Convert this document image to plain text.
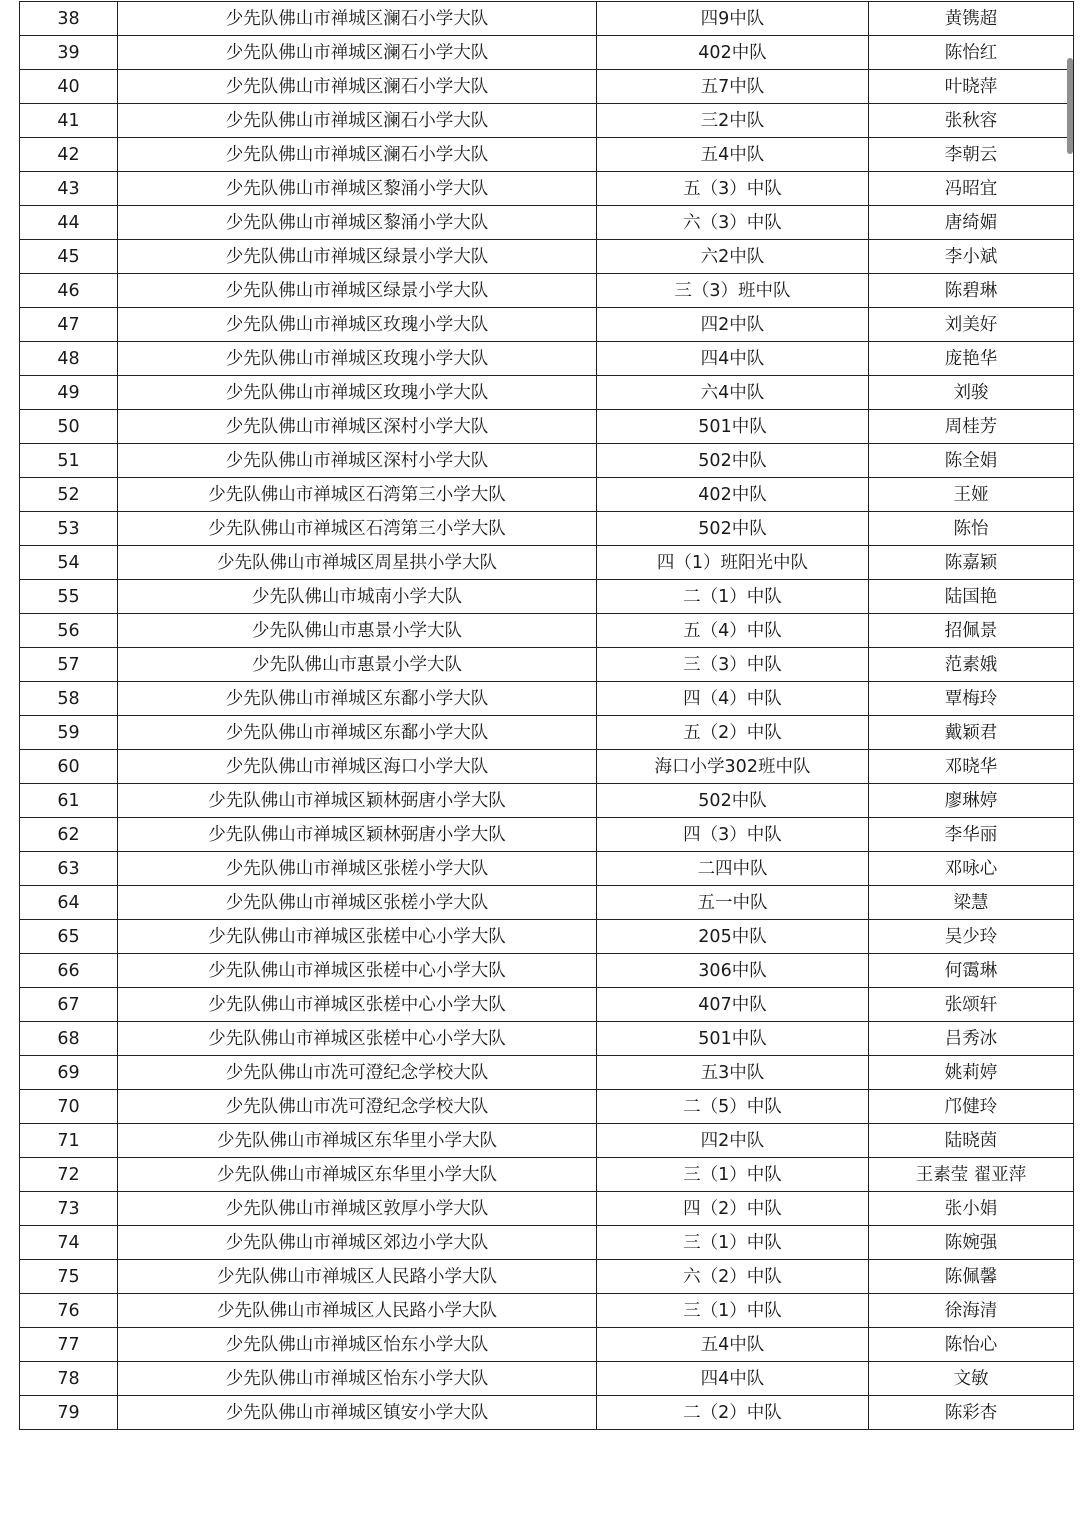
38	少先队佛山市禅城区澜石小学大队	四9中队	黄镌超
39	少先队佛山市禅城区澜石小学大队	402中队	陈怡红
40	少先队佛山市禅城区澜石小学大队	五7中队	叶晓萍
41	少先队佛山市禅城区澜石小学大队	三2中队	张秋容
42	少先队佛山市禅城区澜石小学大队	五4中队	李朝云
43	少先队佛山市禅城区黎涌小学大队	五（3）中队	冯昭宜
44	少先队佛山市禅城区黎涌小学大队	六（3）中队	唐绮媚
45	少先队佛山市禅城区绿景小学大队	六2中队	李小斌
46	少先队佛山市禅城区绿景小学大队	三（3）班中队	陈碧琳
47	少先队佛山市禅城区玫瑰小学大队	四2中队	刘美好
48	少先队佛山市禅城区玫瑰小学大队	四4中队	庞艳华
49	少先队佛山市禅城区玫瑰小学大队	六4中队	刘骏
50	少先队佛山市禅城区深村小学大队	501中队	周桂芳
51	少先队佛山市禅城区深村小学大队	502中队	陈全娟
52	少先队佛山市禅城区石湾第三小学大队	402中队	王娅
53	少先队佛山市禅城区石湾第三小学大队	502中队	陈怡
54	少先队佛山市禅城区周星拱小学大队	四（1）班阳光中队	陈嘉颖
55	少先队佛山市城南小学大队	二（1）中队	陆国艳
56	少先队佛山市惠景小学大队	五（4）中队	招佩景
57	少先队佛山市惠景小学大队	三（3）中队	范素娥
58	少先队佛山市禅城区东鄱小学大队	四（4）中队	覃梅玲
59	少先队佛山市禅城区东鄱小学大队	五（2）中队	戴颖君
60	少先队佛山市禅城区海口小学大队	海口小学302班中队	邓晓华
61	少先队佛山市禅城区颖林弼唐小学大队	502中队	廖琳婷
62	少先队佛山市禅城区颖林弼唐小学大队	四（3）中队	李华丽
63	少先队佛山市禅城区张槎小学大队	二四中队	邓咏心
64	少先队佛山市禅城区张槎小学大队	五一中队	梁慧
65	少先队佛山市禅城区张槎中心小学大队	205中队	吴少玲
66	少先队佛山市禅城区张槎中心小学大队	306中队	何霭琳
67	少先队佛山市禅城区张槎中心小学大队	407中队	张颂轩
68	少先队佛山市禅城区张槎中心小学大队	501中队	吕秀冰
69	少先队佛山市冼可澄纪念学校大队	五3中队	姚莉婷
70	少先队佛山市冼可澄纪念学校大队	二（5）中队	邝健玲
71	少先队佛山市禅城区东华里小学大队	四2中队	陆晓茵
72	少先队佛山市禅城区东华里小学大队	三（1）中队	王素莹 翟亚萍
73	少先队佛山市禅城区敦厚小学大队	四（2）中队	张小娟
74	少先队佛山市禅城区郊边小学大队	三（1）中队	陈婉强
75	少先队佛山市禅城区人民路小学大队	六（2）中队	陈佩馨
76	少先队佛山市禅城区人民路小学大队	三（1）中队	徐海清
77	少先队佛山市禅城区怡东小学大队	五4中队	陈怡心
78	少先队佛山市禅城区怡东小学大队	四4中队	文敏
79	少先队佛山市禅城区镇安小学大队	二（2）中队	陈彩杏
